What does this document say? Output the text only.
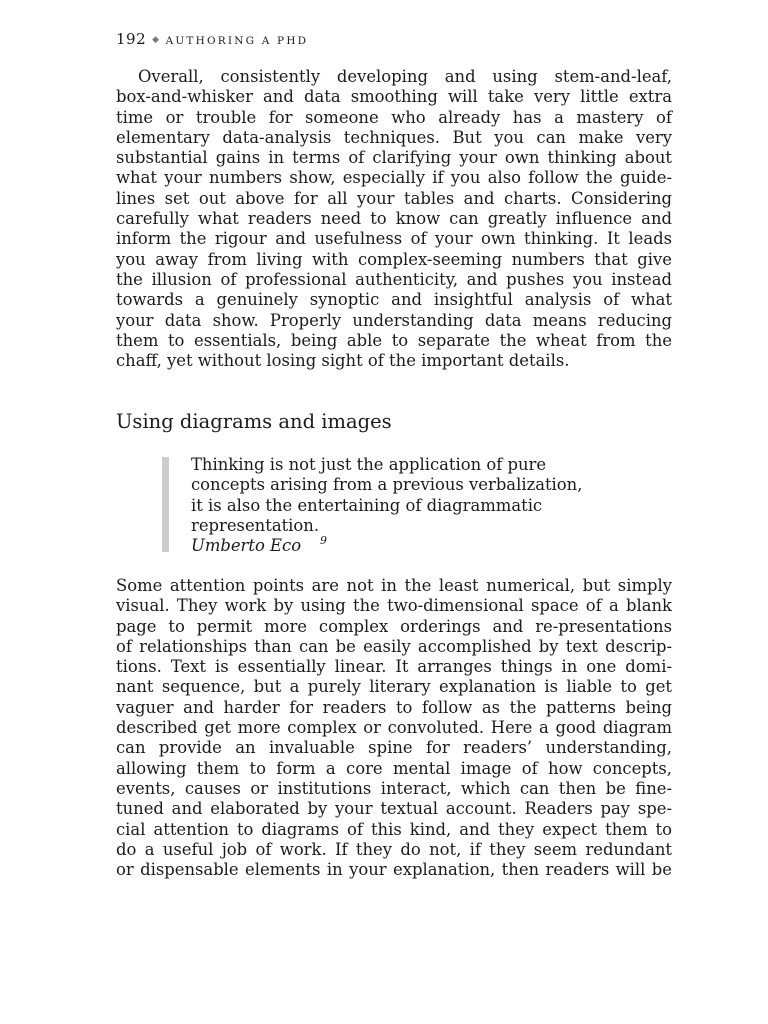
192 ◆ AUTHORING A PHD

Overall, consistently developing and using stem-and-leaf,
box-and-whisker and data smoothing will take very little extra
time or trouble for someone who already has a mastery of
elementary data-analysis techniques. But you can make very
substantial gains in terms of clarifying your own thinking about
what your numbers show, especially if you also follow the guide-
lines set out above for all your tables and charts. Considering
carefully what readers need to know can greatly influence and
inform the rigour and usefulness of your own thinking. It leads
you away from living with complex-seeming numbers that give
the illusion of professional authenticity, and pushes you instead
towards a genuinely synoptic and insightful analysis of what
your data show. Properly understanding data means reducing
them to essentials, being able to separate the wheat from the
chaff, yet without losing sight of the important details.

Using diagrams and images

Thinking is not just the application of pure
concepts arising from a previous verbalization,
it is also the entertaining of diagrammatic
representation.

Umberto Eco 9

Some attention points are not in the least numerical, but simply
visual. They work by using the two-dimensional space of a blank
page to permit more complex orderings and re-presentations
of relationships than can be easily accomplished by text descrip-
tions. Text is essentially linear. It arranges things in one domi-
nant sequence, but a purely literary explanation is liable to get
vaguer and harder for readers to follow as the patterns being
described get more complex or convoluted. Here a good diagram
can provide an invaluable spine for readers’ understanding,
allowing them to form a core mental image of how concepts,
events, causes or institutions interact, which can then be fine-
tuned and elaborated by your textual account. Readers pay spe-
cial attention to diagrams of this kind, and they expect them to
do a useful job of work. If they do not, if they seem redundant
or dispensable elements in your explanation, then readers will be
